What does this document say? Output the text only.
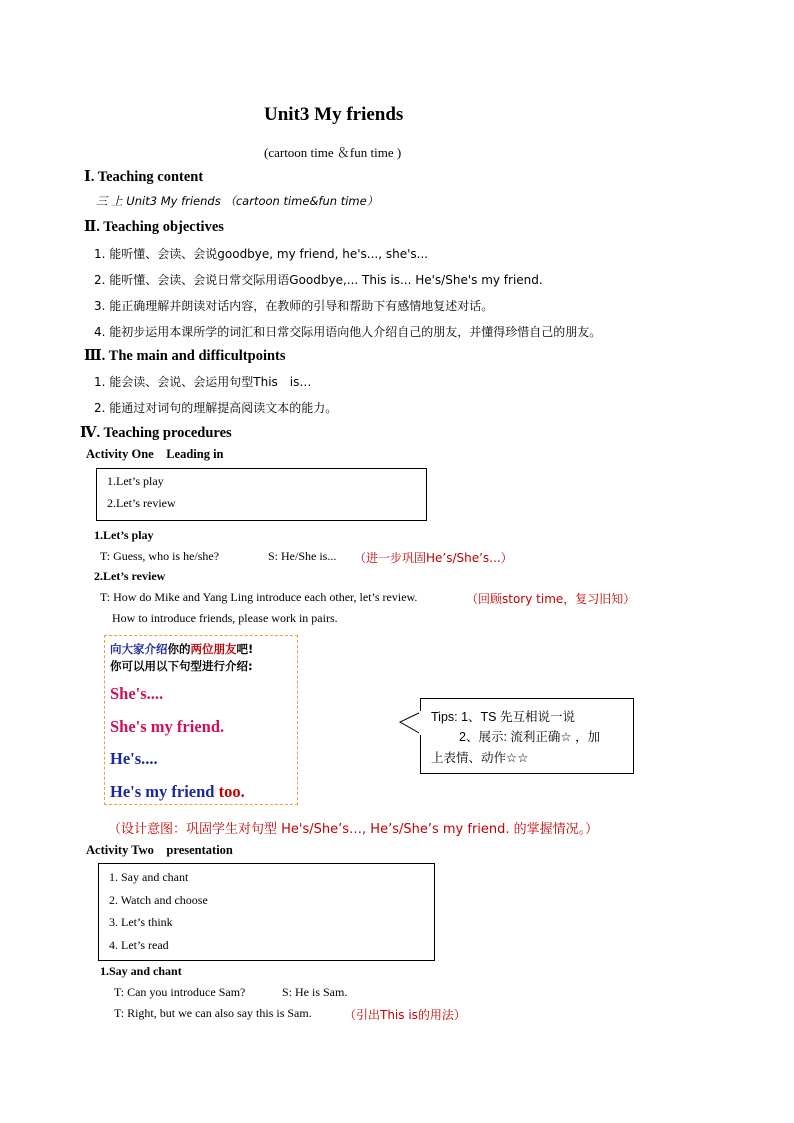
Unit3 My friends
(cartoon time ＆fun time )
Ⅰ. Teaching content
三 上 Unit3 My friends （cartoon time&fun time）
Ⅱ. Teaching objectives
1. 能听懂、会读、会说goodbye, my friend, he's..., she's...
2. 能听懂、会读、会说日常交际用语Goodbye,... This is... He's/She's my friend.
3. 能正确理解并朗读对话内容，在教师的引导和帮助下有感情地复述对话。
4. 能初步运用本课所学的词汇和日常交际用语向他人介绍自己的朋友，并懂得珍惜自己的朋友。
Ⅲ. The main and difficultpoints
1. 能会读、会说、会运用句型This　is…
2. 能通过对词句的理解提高阅读文本的能力。
Ⅳ. Teaching procedures
Activity One　Leading in
1.Let’s play
2.Let’s review
1.Let’s play
T: Guess, who is he/she?	S: He/She is... （进一步巩固He’s/She’s...）
2.Let’s review
T: How do Mike and Yang Ling introduce each other, let’s review.	（回顾story time，复习旧知）
How to introduce friends, please work in pairs.
向大家介绍你的两位朋友吧!
你可以用以下句型进行介绍:
She's....
She's my friend.
He's....
He's my friend too.
Tips: 1、TS 先互相说一说
2、展示: 流利正确☆ ，加
上表情、动作☆☆
（设计意图：巩固学生对句型 He's/She’s…, He’s/She’s my friend. 的掌握情况。）
Activity Two　presentation
1. Say and chant
2. Watch and choose
3. Let’s think
4. Let’s read
1.Say and chant
T: Can you introduce Sam?	S: He is Sam.
T: Right, but we can also say this is Sam.	（引出This is的用法）
